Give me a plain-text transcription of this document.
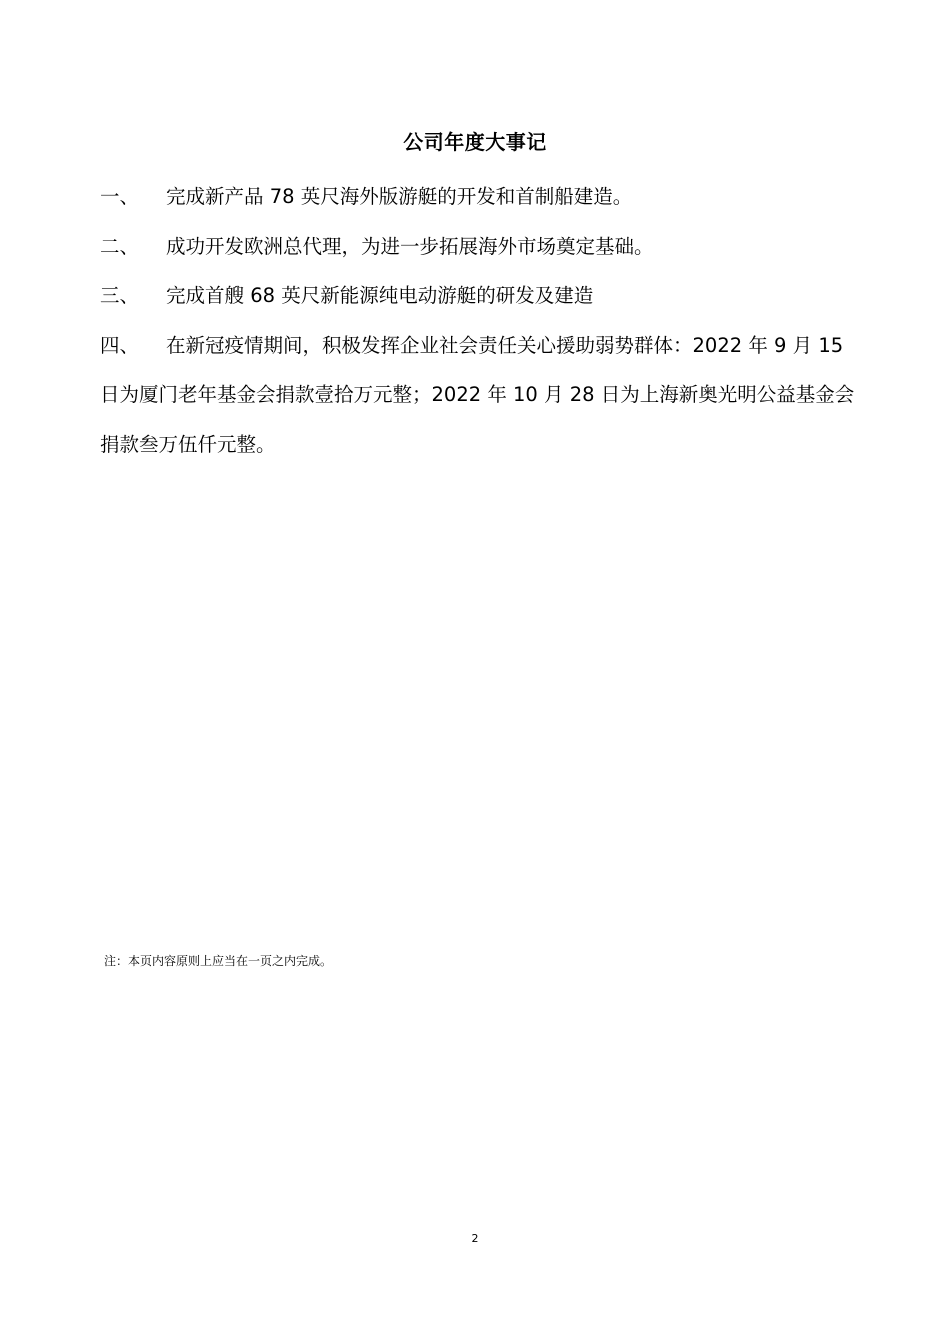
公司年度大事记
一、 完成新产品 78 英尺海外版游艇的开发和首制船建造。
二、 成功开发欧洲总代理，为进一步拓展海外市场奠定基础。
三、 完成首艘 68 英尺新能源纯电动游艇的研发及建造
四、 在新冠疫情期间，积极发挥企业社会责任关心援助弱势群体：2022 年 9 月 15 日为厦门老年基金会捐款壹拾万元整；2022 年 10 月 28 日为上海新奥光明公益基金会捐款叁万伍仟元整。
注：本页内容原则上应当在一页之内完成。
2
